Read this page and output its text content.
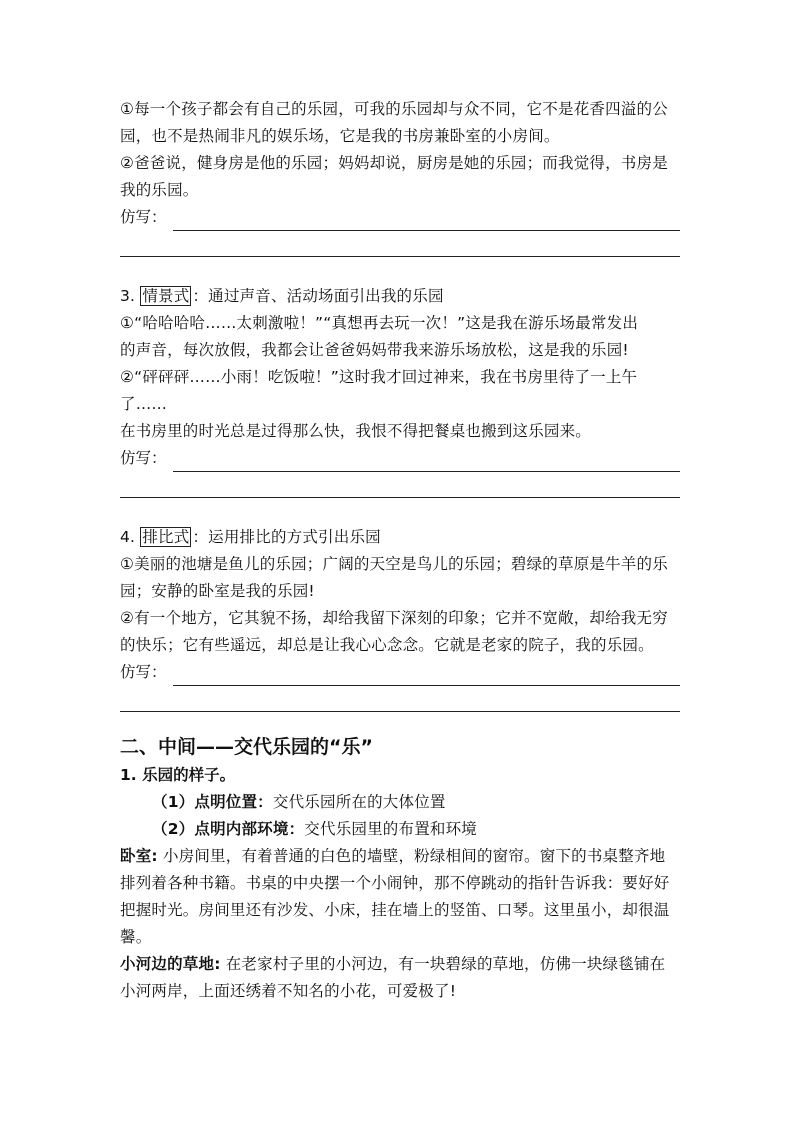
①每一个孩子都会有自己的乐园，可我的乐园却与众不同，它不是花香四溢的公

园，也不是热闹非凡的娱乐场，它是我的书房兼卧室的小房间。

②爸爸说，健身房是他的乐园；妈妈却说，厨房是她的乐园；而我觉得，书房是

我的乐园。

仿写：

3. 情景式 ：通过声音、活动场面引出我的乐园

①“哈哈哈哈……太刺激啦！”“真想再去玩一次！”这是我在游乐场最常发出

的声音，每次放假，我都会让爸爸妈妈带我来游乐场放松，这是我的乐园!

②“砰砰砰……小雨！吃饭啦！”这时我才回过神来，我在书房里待了一上午

了……

在书房里的时光总是过得那么快，我恨不得把餐桌也搬到这乐园来。

仿写：

4. 排比式 ：运用排比的方式引出乐园

①美丽的池塘是鱼儿的乐园；广阔的天空是鸟儿的乐园；碧绿的草原是牛羊的乐

园；安静的卧室是我的乐园!

②有一个地方，它其貌不扬，却给我留下深刻的印象；它并不宽敞，却给我无穷

的快乐；它有些遥远，却总是让我心心念念。它就是老家的院子，我的乐园。

仿写：

二、中间——交代乐园的“乐”

1. 乐园的样子。

（1）点明位置：交代乐园所在的大体位置

（2）点明内部环境：交代乐园里的布置和环境

卧室: 小房间里，有着普通的白色的墙壁，粉绿相间的窗帘。窗下的书桌整齐地

排列着各种书籍。书桌的中央摆一个小闹钟，那不停跳动的指针告诉我：要好好

把握时光。房间里还有沙发、小床，挂在墙上的竖笛、口琴。这里虽小，却很温

馨。

小河边的草地: 在老家村子里的小河边，有一块碧绿的草地，仿佛一块绿毯铺在

小河两岸，上面还绣着不知名的小花，可爱极了!
